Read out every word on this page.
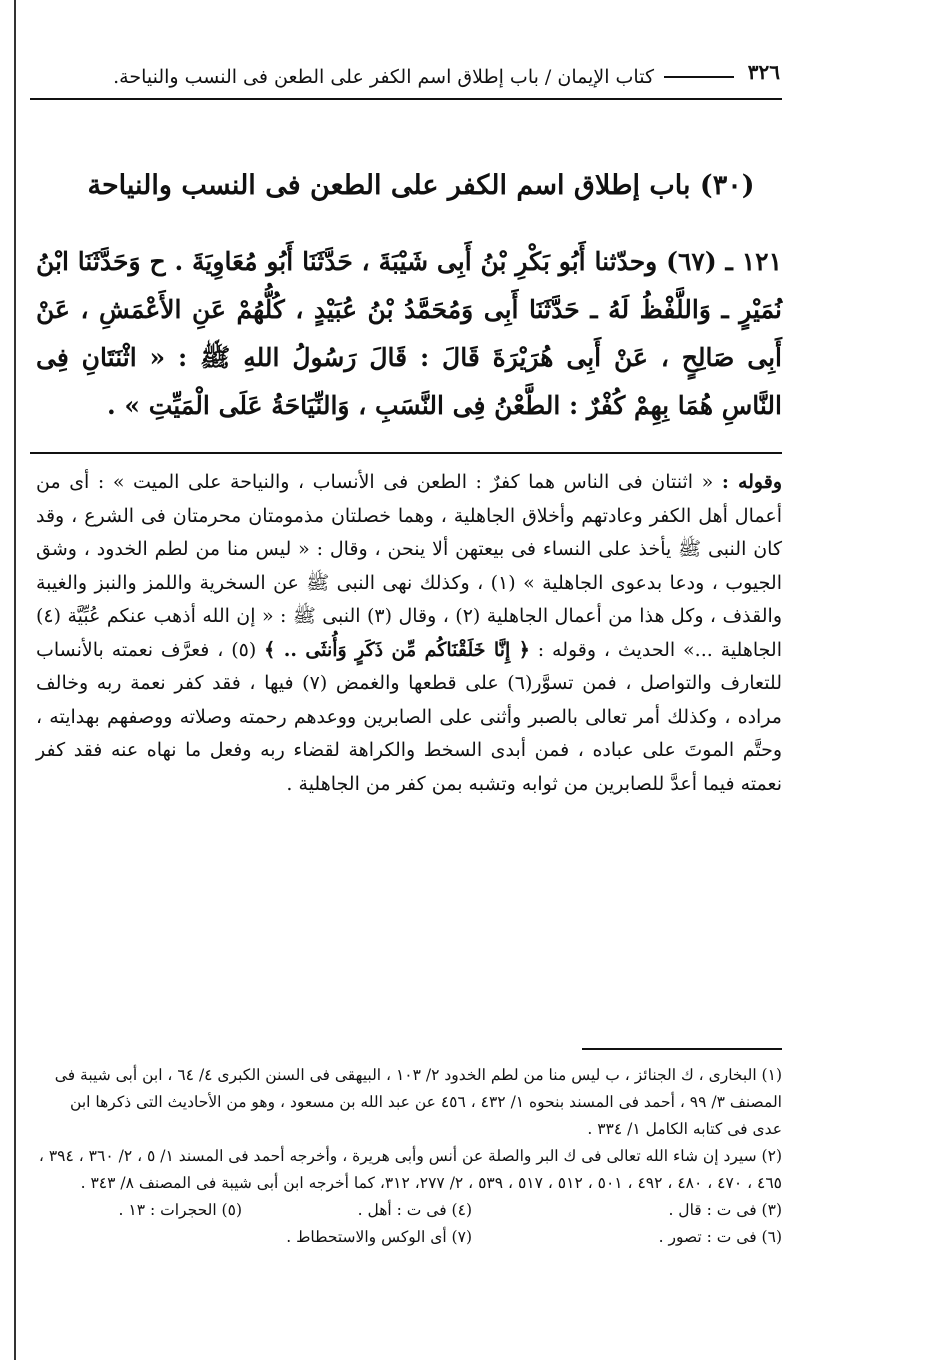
٣٢٦
كتاب الإيمان / باب إطلاق اسم الكفر على الطعن فى النسب والنياحة.
(٣٠) باب إطلاق اسم الكفر على الطعن فى النسب والنياحة
١٢١ ـ (٦٧) وحدّثنا أَبُو بَكْرِ بْنُ أَبِى شَيْبَةَ ، حَدَّثَنَا أَبُو مُعَاوِيَةَ . ح وَحَدَّثَنَا ابْنُ نُمَيْرٍ ـ وَاللَّفْظُ لَهُ ـ حَدَّثَنَا أَبِى وَمُحَمَّدُ بْنُ عُبَيْدٍ ، كُلُّهُمْ عَنِ الأَعْمَشِ ، عَنْ أَبِى صَالِحٍ ، عَنْ أَبِى هُرَيْرَةَ قَالَ : قَالَ رَسُولُ اللهِ ﷺ : « اثْنَتَانِ فِى النَّاسِ هُمَا بِهِمْ كُفْرٌ : الطَّعْنُ فِى النَّسَبِ ، وَالنِّيَاحَةُ عَلَى الْمَيِّتِ » .
وقوله : « اثنتان فى الناس هما كفرٌ : الطعن فى الأنساب ، والنياحة على الميت » : أى من أعمال أهل الكفر وعادتهم وأخلاق الجاهلية ، وهما خصلتان مذمومتان محرمتان فى الشرع ، وقد كان النبى ﷺ يأخذ على النساء فى بيعتهن ألا ينحن ، وقال : « ليس منا من لطم الخدود ، وشق الجيوب ، ودعا بدعوى الجاهلية » (١) ، وكذلك نهى النبى ﷺ عن السخرية واللمز والنبز والغيبة والقذف ، وكل هذا من أعمال الجاهلية (٢) ، وقال (٣) النبى ﷺ : « إن الله أذهب عنكم عُبِّيَّة (٤) الجاهلية ...» الحديث ، وقوله : ﴿ إِنَّا خَلَقْنَاكُم مِّن ذَكَرٍ وَأُنثَى .. ﴾ (٥) ، فعرَّف نعمته بالأنساب للتعارف والتواصل ، فمن تسوَّر(٦) على قطعها والغمض (٧) فيها ، فقد كفر نعمة ربه وخالف مراده ، وكذلك أمر تعالى بالصبر وأثنى على الصابرين ووعدهم رحمته وصلاته ووصفهم بهدايته ، وحتَّم الموتَ على عباده ، فمن أبدى السخط والكراهة لقضاء ربه وفعل ما نهاه عنه فقد كفر نعمته فيما أعدَّ للصابرين من ثوابه وتشبه بمن كفر من الجاهلية .

(١) البخارى ، ك الجنائز ، ب ليس منا من لطم الخدود ٢/ ١٠٣ ، البيهقى فى السنن الكبرى ٤/ ٦٤ ، ابن أبى شيبة فى المصنف ٣/ ٩٩ ، أحمد فى المسند بنحوه ١/ ٤٣٢ ، ٤٥٦ عن عبد الله بن مسعود ، وهو من الأحاديث التى ذكرها ابن عدى فى كتابه الكامل ١/ ٣٣٤ .

(٢) سيرد إن شاء الله تعالى فى ك البر والصلة عن أنس وأبى هريرة ، وأخرجه أحمد فى المسند ١/ ٥ ، ٢/ ٣٦٠ ، ٣٩٤ ، ٤٦٥ ، ٤٧٠ ، ٤٨٠ ، ٤٩٢ ، ٥٠١ ، ٥١٢ ، ٥١٧ ، ٥٣٩ ، ٢/ ٢٧٧، ٣١٢، كما أخرجه ابن أبى شيبة فى المصنف ٨/ ٣٤٣ .

(٣) فى ت : قال .
(٤) فى ت : أهل .
(٥) الحجرات : ١٣ .
(٦) فى ت : تصور .
(٧) أى الوكس والاستحطاط .
